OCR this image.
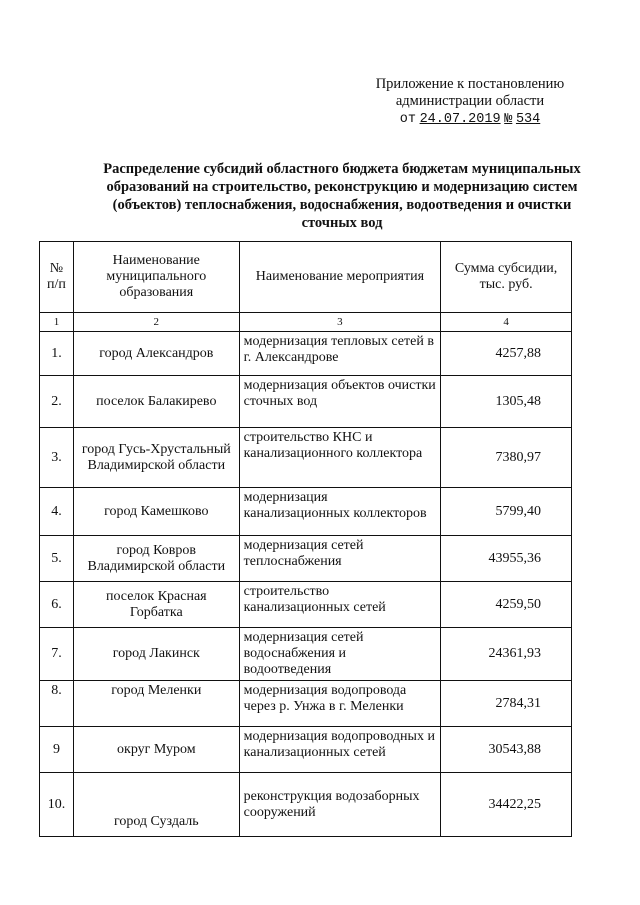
Приложение к постановлению
администрации области
от 24.07.2019 № 534
Распределение субсидий областного бюджета бюджетам муниципальных образований на строительство, реконструкцию и модернизацию систем (объектов) теплоснабжения, водоснабжения, водоотведения и очистки сточных вод
№ п/п	Наименование муниципального образования	Наименование мероприятия	Сумма субсидии, тыс. руб.
1	2	3	4
1.	город Александров	модернизация тепловых сетей в г. Александрове	4257,88
2.	поселок Балакирево	модернизация объектов очистки сточных вод	1305,48
3.	город Гусь-Хрустальный Владимирской области	строительство КНС и канализационного коллектора	7380,97
4.	город Камешково	модернизация канализационных коллекторов	5799,40
5.	город Ковров Владимирской области	модернизация сетей теплоснабжения	43955,36
6.	поселок Красная Горбатка	строительство канализационных сетей	4259,50
7.	город Лакинск	модернизация сетей водоснабжения и водоотведения	24361,93
8.	город Меленки	модернизация водопровода через р. Унжа в г. Меленки	2784,31
9	округ Муром	модернизация водопроводных и канализационных сетей	30543,88
10.	город Суздаль	реконструкция водозаборных сооружений	34422,25
